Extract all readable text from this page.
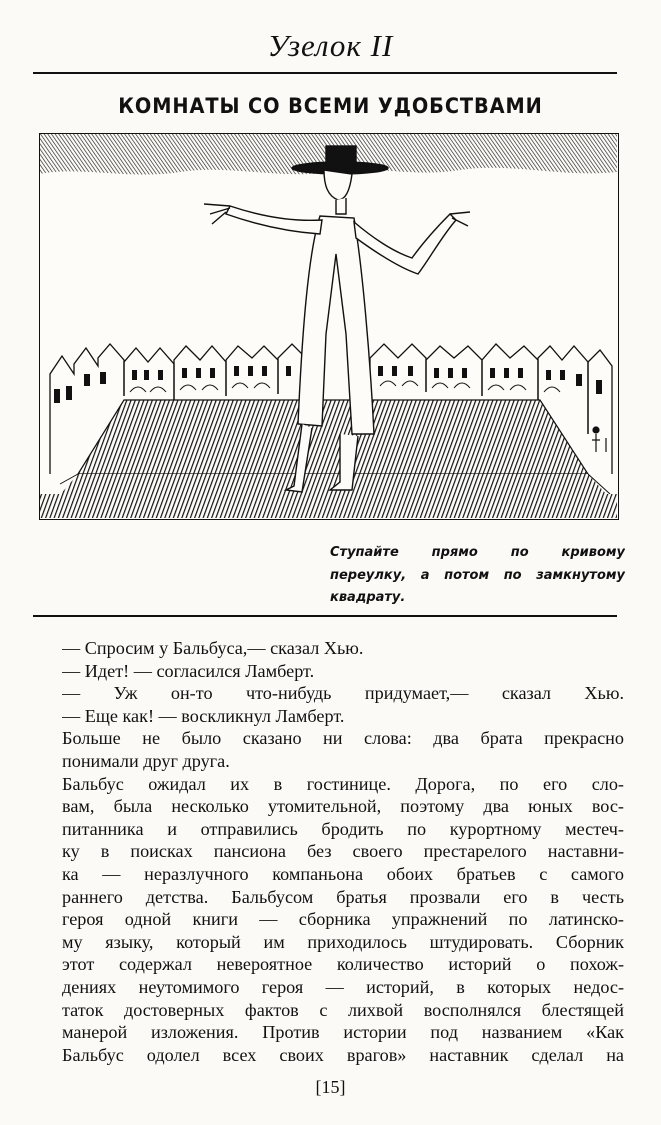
Узелок II
КОМНАТЫ СО ВСЕМИ УДОБСТВАМИ
Ступайте прямо по кривому
переулку, а потом по замкнутому
квадрату.
— Спросим у Бальбуса,— сказал Хью.
— Идет! — согласился Ламберт.
— Уж он-то что-нибудь придумает,— сказал Хью.
— Еще как! — воскликнул Ламберт.
Больше не было сказано ни слова: два брата прекрасно
понимали друг друга.
Бальбус ожидал их в гостинице. Дорога, по его сло-
вам, была несколько утомительной, поэтому два юных вос-
питанника и отправились бродить по курортному местеч-
ку в поисках пансиона без своего престарелого наставни-
ка — неразлучного компаньона обоих братьев с самого
раннего детства. Бальбусом братья прозвали его в честь
героя одной книги — сборника упражнений по латинско-
му языку, который им приходилось штудировать. Сборник
этот содержал невероятное количество историй о похож-
дениях неутомимого героя — историй, в которых недос-
таток достоверных фактов с лихвой восполнялся блестящей
манерой изложения. Против истории под названием «Как
Бальбус одолел всех своих врагов» наставник сделал на
[15]
